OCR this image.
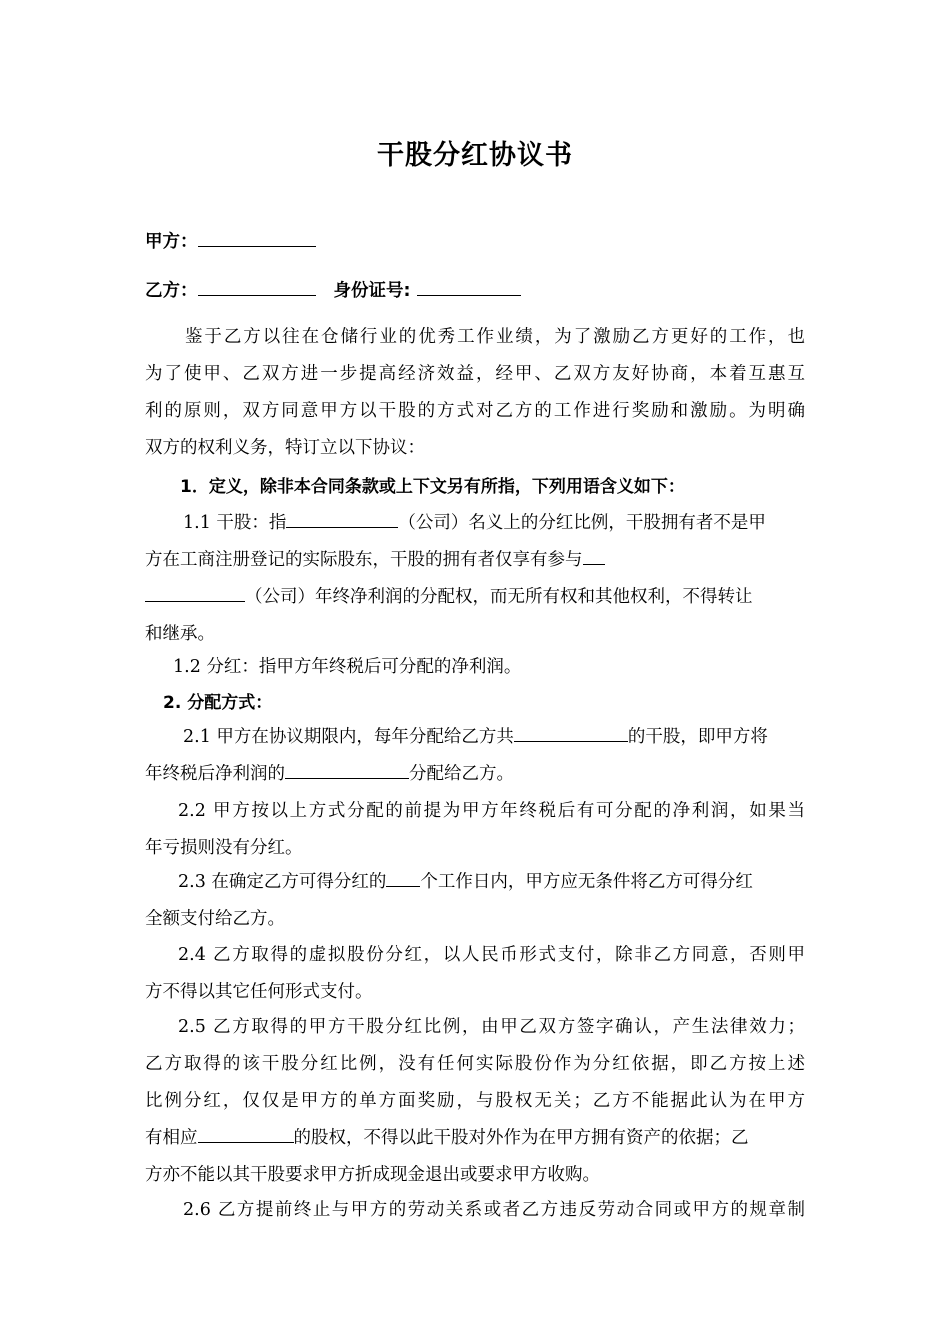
干股分红协议书
甲方：
乙方：	身份证号:
鉴于乙方以往在仓储行业的优秀工作业绩，为了激励乙方更好的工作，也
为了使甲、乙双方进一步提高经济效益，经甲、乙双方友好协商，本着互惠互
利的原则，双方同意甲方以干股的方式对乙方的工作进行奖励和激励。为明确
双方的权利义务，特订立以下协议：
1．定义，除非本合同条款或上下文另有所指，下列用语含义如下：
1.1 干股：指	（公司）名义上的分红比例，干股拥有者不是甲
方在工商注册登记的实际股东，干股的拥有者仅享有参与
（公司）年终净利润的分配权，而无所有权和其他权利，不得转让
和继承。
1.2 分红：指甲方年终税后可分配的净利润。
2. 分配方式：
2.1 甲方在协议期限内，每年分配给乙方共	的干股，即甲方将
年终税后净利润的	分配给乙方。
2.2 甲方按以上方式分配的前提为甲方年终税后有可分配的净利润，如果当
年亏损则没有分红。
2.3 在确定乙方可得分红的 个工作日内，甲方应无条件将乙方可得分红
全额支付给乙方。
2.4 乙方取得的虚拟股份分红，以人民币形式支付，除非乙方同意，否则甲
方不得以其它任何形式支付。
2.5 乙方取得的甲方干股分红比例，由甲乙双方签字确认，产生法律效力；
乙方取得的该干股分红比例，没有任何实际股份作为分红依据，即乙方按上述
比例分红，仅仅是甲方的单方面奖励，与股权无关；乙方不能据此认为在甲方
有相应	的股权，不得以此干股对外作为在甲方拥有资产的依据；乙
方亦不能以其干股要求甲方折成现金退出或要求甲方收购。
2.6 乙方提前终止与甲方的劳动关系或者乙方违反劳动合同或甲方的规章制
